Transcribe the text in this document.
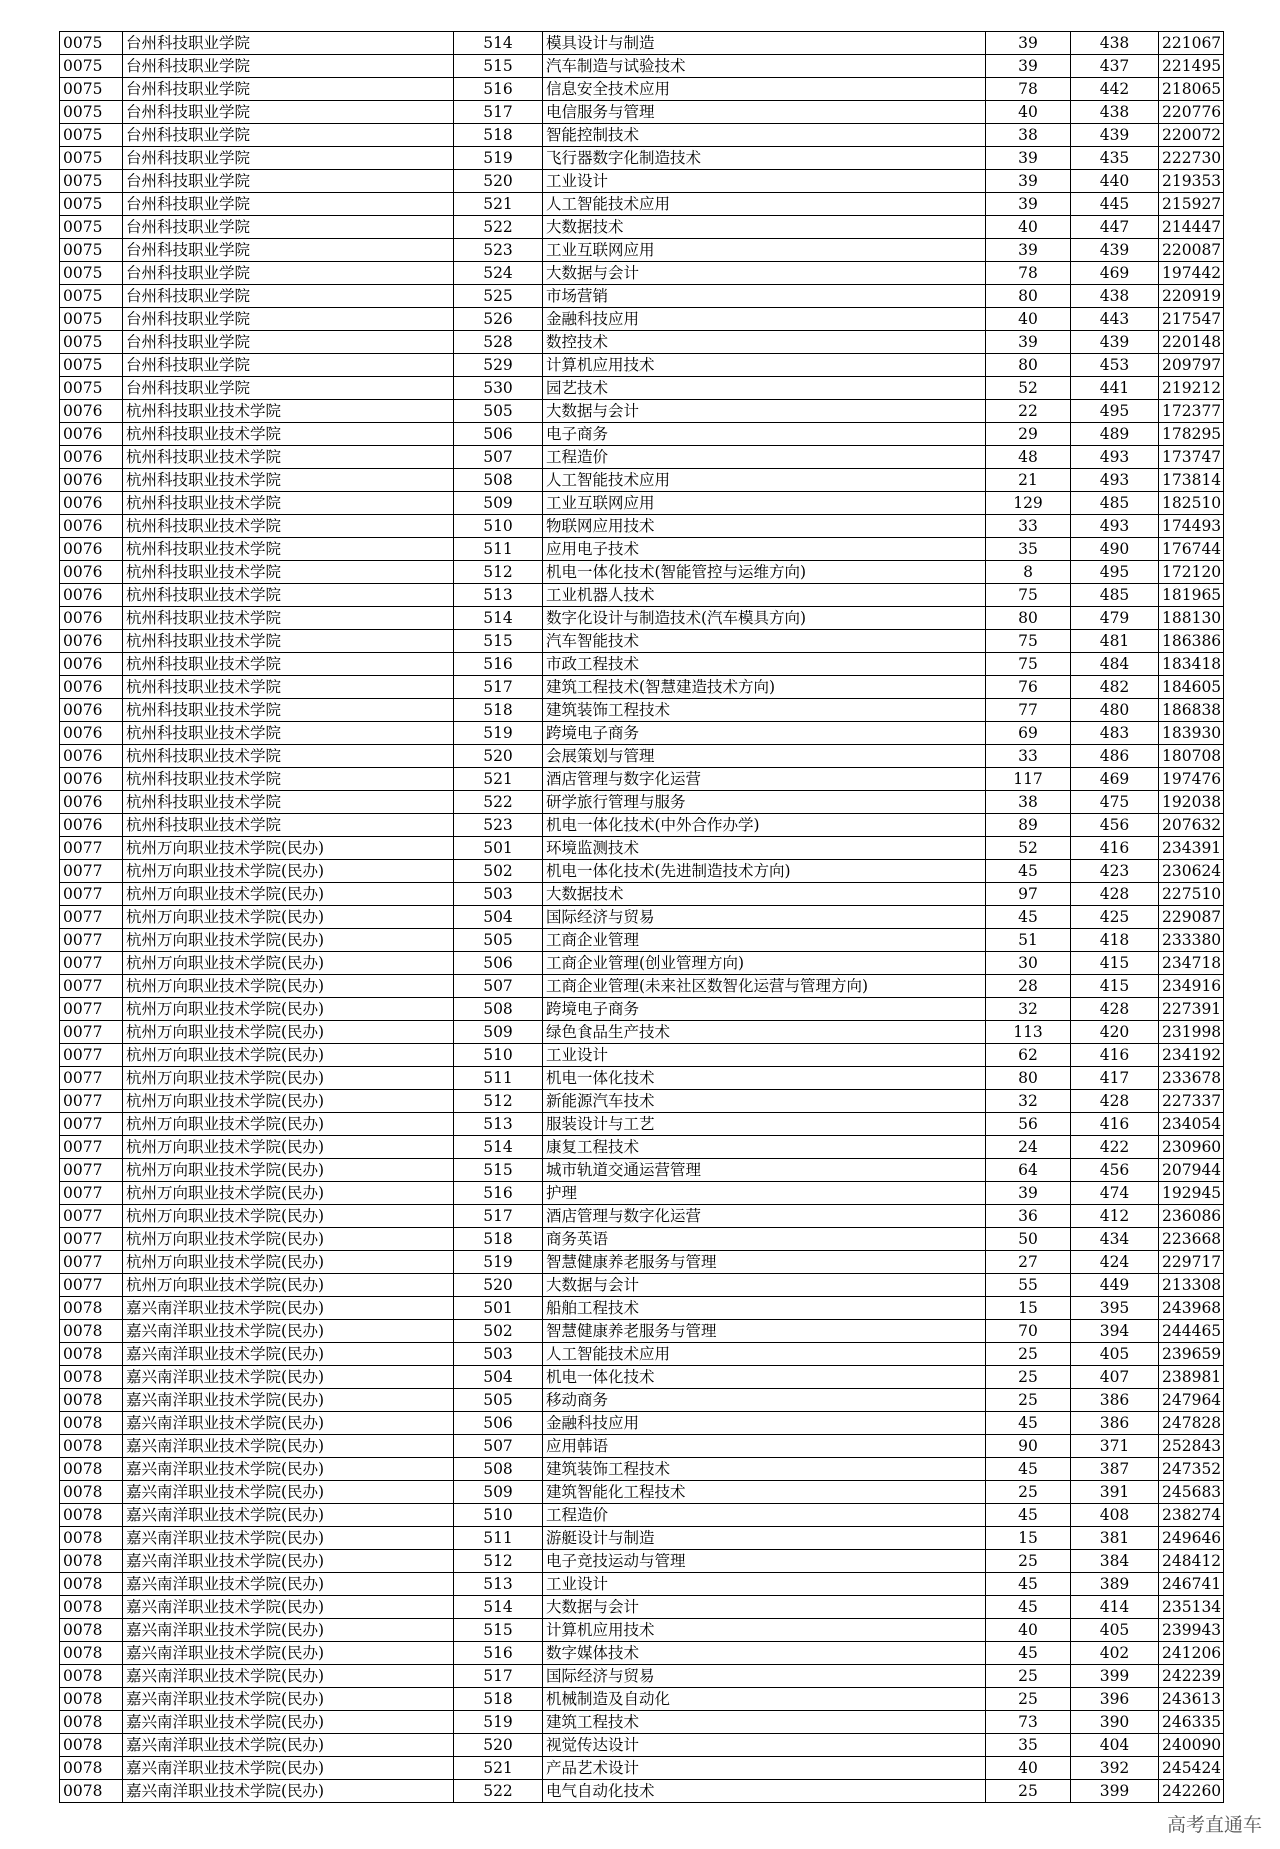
0075	台州科技职业学院	514	模具设计与制造	39	438	221067
0075	台州科技职业学院	515	汽车制造与试验技术	39	437	221495
0075	台州科技职业学院	516	信息安全技术应用	78	442	218065
0075	台州科技职业学院	517	电信服务与管理	40	438	220776
0075	台州科技职业学院	518	智能控制技术	38	439	220072
0075	台州科技职业学院	519	飞行器数字化制造技术	39	435	222730
0075	台州科技职业学院	520	工业设计	39	440	219353
0075	台州科技职业学院	521	人工智能技术应用	39	445	215927
0075	台州科技职业学院	522	大数据技术	40	447	214447
0075	台州科技职业学院	523	工业互联网应用	39	439	220087
0075	台州科技职业学院	524	大数据与会计	78	469	197442
0075	台州科技职业学院	525	市场营销	80	438	220919
0075	台州科技职业学院	526	金融科技应用	40	443	217547
0075	台州科技职业学院	528	数控技术	39	439	220148
0075	台州科技职业学院	529	计算机应用技术	80	453	209797
0075	台州科技职业学院	530	园艺技术	52	441	219212
0076	杭州科技职业技术学院	505	大数据与会计	22	495	172377
0076	杭州科技职业技术学院	506	电子商务	29	489	178295
0076	杭州科技职业技术学院	507	工程造价	48	493	173747
0076	杭州科技职业技术学院	508	人工智能技术应用	21	493	173814
0076	杭州科技职业技术学院	509	工业互联网应用	129	485	182510
0076	杭州科技职业技术学院	510	物联网应用技术	33	493	174493
0076	杭州科技职业技术学院	511	应用电子技术	35	490	176744
0076	杭州科技职业技术学院	512	机电一体化技术(智能管控与运维方向)	8	495	172120
0076	杭州科技职业技术学院	513	工业机器人技术	75	485	181965
0076	杭州科技职业技术学院	514	数字化设计与制造技术(汽车模具方向)	80	479	188130
0076	杭州科技职业技术学院	515	汽车智能技术	75	481	186386
0076	杭州科技职业技术学院	516	市政工程技术	75	484	183418
0076	杭州科技职业技术学院	517	建筑工程技术(智慧建造技术方向)	76	482	184605
0076	杭州科技职业技术学院	518	建筑装饰工程技术	77	480	186838
0076	杭州科技职业技术学院	519	跨境电子商务	69	483	183930
0076	杭州科技职业技术学院	520	会展策划与管理	33	486	180708
0076	杭州科技职业技术学院	521	酒店管理与数字化运营	117	469	197476
0076	杭州科技职业技术学院	522	研学旅行管理与服务	38	475	192038
0076	杭州科技职业技术学院	523	机电一体化技术(中外合作办学)	89	456	207632
0077	杭州万向职业技术学院(民办)	501	环境监测技术	52	416	234391
0077	杭州万向职业技术学院(民办)	502	机电一体化技术(先进制造技术方向)	45	423	230624
0077	杭州万向职业技术学院(民办)	503	大数据技术	97	428	227510
0077	杭州万向职业技术学院(民办)	504	国际经济与贸易	45	425	229087
0077	杭州万向职业技术学院(民办)	505	工商企业管理	51	418	233380
0077	杭州万向职业技术学院(民办)	506	工商企业管理(创业管理方向)	30	415	234718
0077	杭州万向职业技术学院(民办)	507	工商企业管理(未来社区数智化运营与管理方向)	28	415	234916
0077	杭州万向职业技术学院(民办)	508	跨境电子商务	32	428	227391
0077	杭州万向职业技术学院(民办)	509	绿色食品生产技术	113	420	231998
0077	杭州万向职业技术学院(民办)	510	工业设计	62	416	234192
0077	杭州万向职业技术学院(民办)	511	机电一体化技术	80	417	233678
0077	杭州万向职业技术学院(民办)	512	新能源汽车技术	32	428	227337
0077	杭州万向职业技术学院(民办)	513	服装设计与工艺	56	416	234054
0077	杭州万向职业技术学院(民办)	514	康复工程技术	24	422	230960
0077	杭州万向职业技术学院(民办)	515	城市轨道交通运营管理	64	456	207944
0077	杭州万向职业技术学院(民办)	516	护理	39	474	192945
0077	杭州万向职业技术学院(民办)	517	酒店管理与数字化运营	36	412	236086
0077	杭州万向职业技术学院(民办)	518	商务英语	50	434	223668
0077	杭州万向职业技术学院(民办)	519	智慧健康养老服务与管理	27	424	229717
0077	杭州万向职业技术学院(民办)	520	大数据与会计	55	449	213308
0078	嘉兴南洋职业技术学院(民办)	501	船舶工程技术	15	395	243968
0078	嘉兴南洋职业技术学院(民办)	502	智慧健康养老服务与管理	70	394	244465
0078	嘉兴南洋职业技术学院(民办)	503	人工智能技术应用	25	405	239659
0078	嘉兴南洋职业技术学院(民办)	504	机电一体化技术	25	407	238981
0078	嘉兴南洋职业技术学院(民办)	505	移动商务	25	386	247964
0078	嘉兴南洋职业技术学院(民办)	506	金融科技应用	45	386	247828
0078	嘉兴南洋职业技术学院(民办)	507	应用韩语	90	371	252843
0078	嘉兴南洋职业技术学院(民办)	508	建筑装饰工程技术	45	387	247352
0078	嘉兴南洋职业技术学院(民办)	509	建筑智能化工程技术	25	391	245683
0078	嘉兴南洋职业技术学院(民办)	510	工程造价	45	408	238274
0078	嘉兴南洋职业技术学院(民办)	511	游艇设计与制造	15	381	249646
0078	嘉兴南洋职业技术学院(民办)	512	电子竞技运动与管理	25	384	248412
0078	嘉兴南洋职业技术学院(民办)	513	工业设计	45	389	246741
0078	嘉兴南洋职业技术学院(民办)	514	大数据与会计	45	414	235134
0078	嘉兴南洋职业技术学院(民办)	515	计算机应用技术	40	405	239943
0078	嘉兴南洋职业技术学院(民办)	516	数字媒体技术	45	402	241206
0078	嘉兴南洋职业技术学院(民办)	517	国际经济与贸易	25	399	242239
0078	嘉兴南洋职业技术学院(民办)	518	机械制造及自动化	25	396	243613
0078	嘉兴南洋职业技术学院(民办)	519	建筑工程技术	73	390	246335
0078	嘉兴南洋职业技术学院(民办)	520	视觉传达设计	35	404	240090
0078	嘉兴南洋职业技术学院(民办)	521	产品艺术设计	40	392	245424
0078	嘉兴南洋职业技术学院(民办)	522	电气自动化技术	25	399	242260
高考直通车
